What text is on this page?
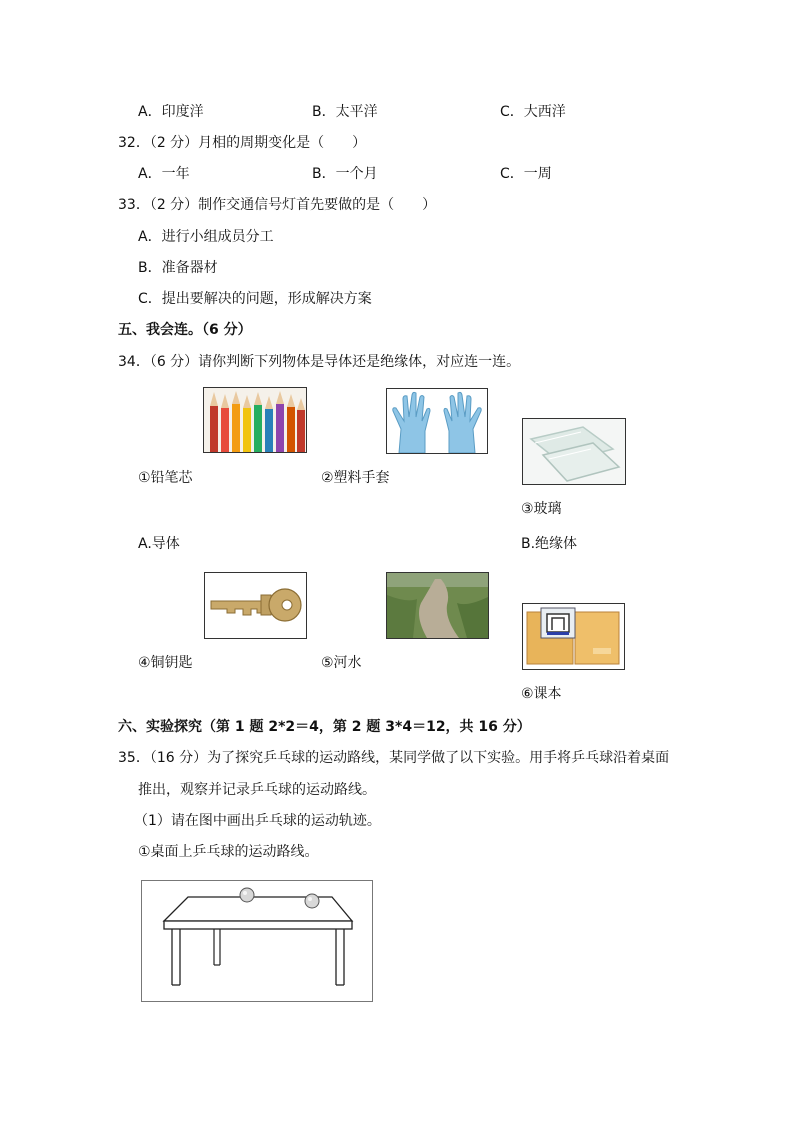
A．印度洋	B．太平洋	C．大西洋
32．（2 分）月相的周期变化是（　　）
A．一年	B．一个月	C．一周
33．（2 分）制作交通信号灯首先要做的是（　　）
A．进行小组成员分工
B．准备器材
C．提出要解决的问题，形成解决方案
五、我会连。（6 分）
34．（6 分）请你判断下列物体是导体还是绝缘体，对应连一连。
①铅笔芯	②塑料手套
③玻璃
A.导体	B.绝缘体
④铜钥匙	⑤河水
⑥课本
六、实验探究（第 1 题 2*2＝4，第 2 题 3*4＝12，共 16 分）
35．（16 分）为了探究乒乓球的运动路线，某同学做了以下实验。用手将乒乓球沿着桌面
推出，观察并记录乒乓球的运动路线。
（1）请在图中画出乒乓球的运动轨迹。
①桌面上乒乓球的运动路线。
